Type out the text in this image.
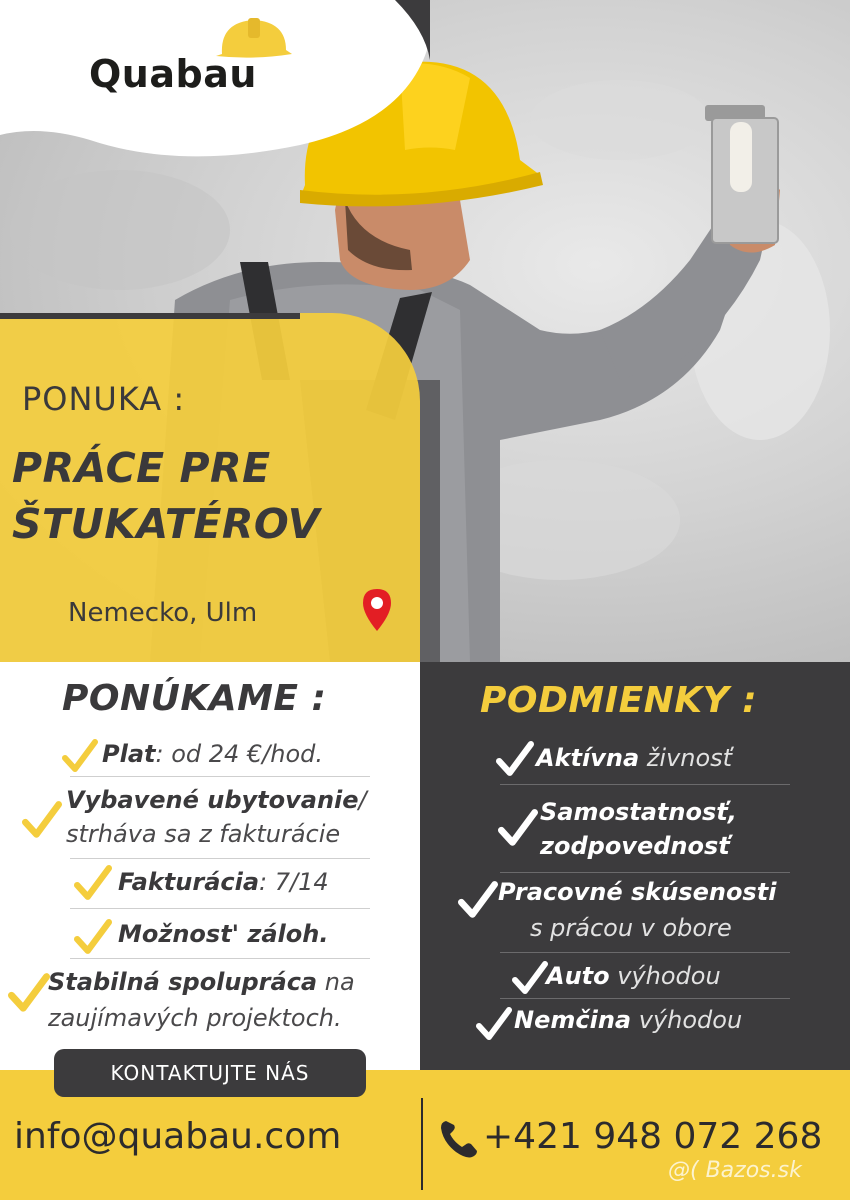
Quabau
PONUKA :
PRÁCE PRE
ŠTUKATÉROV
Nemecko, Ulm
PONÚKAME :
Plat: od 24 €/hod.
Vybavené ubytovanie/
strháva sa z fakturácie
Fakturácia: 7/14
Možnost' záloh.
Stabilná spolupráca na
zaujímavých projektoch.
PODMIENKY :
Aktívna živnosť
Samostatnosť,
zodpovednosť
Pracovné skúsenosti
s prácou v obore
Auto výhodou
Nemčina výhodou
KONTAKTUJTE NÁS
info@quabau.com	+421 948 072 268
@( Bazos.sk
